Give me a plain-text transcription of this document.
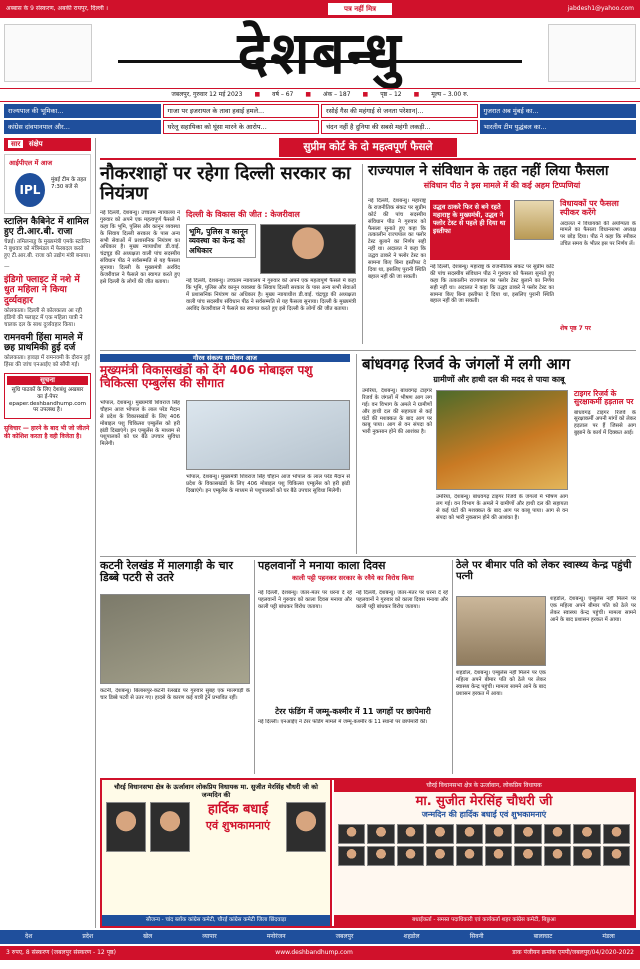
अब्बास के 9 संस्करण, अबकी रायपुर, दिल्ली ।	पत्र नहीं मित्र	jabdesh1@yahoo.com
देशबन्धु
जबलपुर, गुरुवार 12 मई 2023 ■ वर्ष – 67 ■ अंक – 187 ■ पृष्ठ – 12 ■ मूल्य – 3.00 रु.
राज्यपाल की भूमिका...
कांग्रेस दांवपानपाल और...
गाजा पर इजरायल के तावा हवाई हमले...
घरेलू सहायिका को घूंसा मारने के आरोप...
रसोई गैस की महंगाई से जनता परेशान|...
चंदन नहीं है दुनिया की सबसे महंगी लकड़ी...
गुजरात अब मुंबई का...
भारतीय टीम युद्धंबल का...
सार संक्षेप
आईपीएल में आज
IPL
मुंबई टीम के तहत 7:30 बजे से
स्टालिन कैबिनेट में शामिल हुए टी.आर.बी. राजा
चेन्नई। तमिलनाडु के मुख्यमंत्री एमके स्टालिन ने बुधवार को मंत्रिमंडल में फेरबदल करते हुए टी.आर.बी. राजा को उद्योग मंत्री बनाया।
—
इंडिगो फ्लाइट में नशे में धुत महिला ने किया दुर्व्यवहार
कोलकाता। दिल्ली से कोलकाता आ रही इंडिगो की फ्लाइट में एक महिला यात्री ने चालक दल के साथ दुर्व्यवहार किया।
रामनवमी हिंसा मामले में छह प्राथमिकी हुई दर्ज
कोलकाता। हावड़ा में रामनवमी के दौरान हुई हिंसा की जांच एनआईए को सौंपी गई।
सूचना
सुधि पाठकों के लिए देशबंधु अखबार का ई-पेपर epaper.deshbandhump.com पर उपलब्ध है।
सुविचार — हारने के बाद भी जो जीतने की कोशिश करता है वही विजेता है।
सुप्रीम कोर्ट के दो महत्वपूर्ण फैसले
नौकरशाहों पर रहेगा दिल्ली सरकार का नियंत्रण
नई दिल्ली, देशबन्धु। उच्चतम न्यायालय ने गुरुवार को अपने एक महत्वपूर्ण फैसले में कहा कि भूमि, पुलिस और कानून व्यवस्था के सिवाय दिल्ली सरकार के पास अन्य सभी सेवाओं में प्रशासनिक नियंत्रण का अधिकार है। मुख्य न्यायाधीश डी.वाई. चंद्रचूड़ की अध्यक्षता वाली पांच सदस्यीय संविधान पीठ ने सर्वसम्मति से यह फैसला सुनाया। दिल्ली के मुख्यमंत्री अरविंद केजरीवाल ने फैसले का स्वागत करते हुए इसे दिल्ली के लोगों की जीत बताया।
दिल्ली के विकास की जीत : केजरीवाल
भूमि, पुलिस व कानून व्यवस्था का केन्द्र को अधिकार
नई दिल्ली, देशबन्धु। उच्चतम न्यायालय ने गुरुवार को अपने एक महत्वपूर्ण फैसले में कहा कि भूमि, पुलिस और कानून व्यवस्था के सिवाय दिल्ली सरकार के पास अन्य सभी सेवाओं में प्रशासनिक नियंत्रण का अधिकार है। मुख्य न्यायाधीश डी.वाई. चंद्रचूड़ की अध्यक्षता वाली पांच सदस्यीय संविधान पीठ ने सर्वसम्मति से यह फैसला सुनाया। दिल्ली के मुख्यमंत्री अरविंद केजरीवाल ने फैसले का स्वागत करते हुए इसे दिल्ली के लोगों की जीत बताया।
राज्यपाल ने संविधान के तहत नहीं लिया फैसला
संविधान पीठ ने इस मामले में की कई अहम टिप्पणियां
नई दिल्ली, देशबन्धु। महाराष्ट्र के राजनीतिक संकट पर सुप्रीम कोर्ट की पांच सदस्यीय संविधान पीठ ने गुरुवार को फैसला सुनाते हुए कहा कि तत्कालीन राज्यपाल का फ्लोर टेस्ट बुलाने का निर्णय सही नहीं था। अदालत ने कहा कि उद्धव ठाकरे ने फ्लोर टेस्ट का सामना किए बिना इस्तीफा दे दिया था, इसलिए पुरानी स्थिति बहाल नहीं की जा सकती।
उद्धव ठाकरे फिर से बने रहते महाराष्ट्र के मुख्यमंत्री, उद्धव ने फ्लोर टेस्ट से पहले ही दिया था इस्तीफा
नई दिल्ली, देशबन्धु। महाराष्ट्र के राजनीतिक संकट पर सुप्रीम कोर्ट की पांच सदस्यीय संविधान पीठ ने गुरुवार को फैसला सुनाते हुए कहा कि तत्कालीन राज्यपाल का फ्लोर टेस्ट बुलाने का निर्णय सही नहीं था। अदालत ने कहा कि उद्धव ठाकरे ने फ्लोर टेस्ट का सामना किए बिना इस्तीफा दे दिया था, इसलिए पुरानी स्थिति बहाल नहीं की जा सकती।
विधायकों पर फैसला स्पीकर करेंगे
अदालत ने विधायकों की अयोग्यता के मामले का फैसला विधानसभा अध्यक्ष पर छोड़ दिया। पीठ ने कहा कि स्पीकर उचित समय के भीतर इस पर निर्णय लें।
शेष पृष्ठ 7 पर
गौरव संकल्प सम्मेलन आज
मुख्यमंत्री विकासखंडों को देंगे 406 मोबाइल पशु चिकित्सा एम्बुलेंस की सौगात
भोपाल, देशबन्धु। मुख्यमंत्री शिवराज सिंह चौहान आज भोपाल के लाल परेड मैदान से प्रदेश के विकासखंडों के लिए 406 मोबाइल पशु चिकित्सा एम्बुलेंस को हरी झंडी दिखाएंगे। इन एम्बुलेंस के माध्यम से पशुपालकों को घर बैठे उपचार सुविधा मिलेगी।
भोपाल, देशबन्धु। मुख्यमंत्री शिवराज सिंह चौहान आज भोपाल के लाल परेड मैदान से प्रदेश के विकासखंडों के लिए 406 मोबाइल पशु चिकित्सा एम्बुलेंस को हरी झंडी दिखाएंगे। इन एम्बुलेंस के माध्यम से पशुपालकों को घर बैठे उपचार सुविधा मिलेगी।
बांधवगढ़ रिजर्व के जंगलों में लगी आग
ग्रामीणों और हाथी दल की मदद से पाया काबू
उमरिया, देशबन्धु। बांधवगढ़ टाइगर रिजर्व के जंगलों में भीषण आग लग गई। वन विभाग के अमले ने ग्रामीणों और हाथी दल की सहायता से कई घंटों की मशक्कत के बाद आग पर काबू पाया। आग से वन संपदा को भारी नुकसान होने की आशंका है।
उमरिया, देशबन्धु। बांधवगढ़ टाइगर रिजर्व के जंगलों में भीषण आग लग गई। वन विभाग के अमले ने ग्रामीणों और हाथी दल की सहायता से कई घंटों की मशक्कत के बाद आग पर काबू पाया। आग से वन संपदा को भारी नुकसान होने की आशंका है।
टाइगर रिजर्व के सुरक्षाकर्मी हड़ताल पर
बांधवगढ़ टाइगर रिजर्व के सुरक्षाकर्मी अपनी मांगों को लेकर हड़ताल पर हैं जिससे आग बुझाने के कार्य में दिक्कत आई।
कटनी रेलखंड में मालगाड़ी के चार डिब्बे पटरी से उतरे
कटनी, देशबन्धु। बिलासपुर-कटनी रेलखंड पर गुरुवार सुबह एक मालगाड़ी के चार डिब्बे पटरी से उतर गए। हादसे के कारण कई यात्री ट्रेनें प्रभावित रहीं।
पहलवानों ने मनाया काला दिवस
काली पट्टी पहनकर सरकार के रवैये का विरोध किया
नई दिल्ली, देशबन्धु। जंतर-मंतर पर धरना दे रहे पहलवानों ने गुरुवार को काला दिवस मनाया और काली पट्टी बांधकर विरोध जताया।
नई दिल्ली, देशबन्धु। जंतर-मंतर पर धरना दे रहे पहलवानों ने गुरुवार को काला दिवस मनाया और काली पट्टी बांधकर विरोध जताया।
टेरर फंडिंग में जम्मू-कश्मीर में 11 जगहों पर छापेमारी
नई दिल्ली। एनआईए ने टेरर फंडिंग मामले में जम्मू-कश्मीर के 11 स्थानों पर छापेमारी की।
ठेले पर बीमार पति को लेकर स्वास्थ्य केन्द्र पहुंची पत्नी
शहडोल, देशबन्धु। एम्बुलेंस नहीं मिलने पर एक महिला अपने बीमार पति को ठेले पर लेकर स्वास्थ्य केन्द्र पहुंची। मामला सामने आने के बाद प्रशासन हरकत में आया।
शहडोल, देशबन्धु। एम्बुलेंस नहीं मिलने पर एक महिला अपने बीमार पति को ठेले पर लेकर स्वास्थ्य केन्द्र पहुंची। मामला सामने आने के बाद प्रशासन हरकत में आया।
चौरई विधानसभा क्षेत्र के ऊर्जावान लोकप्रिय विधायक मा. सुजीत मेरसिंह चौधरी जी को जन्मदिन की
हार्दिक बधाई
एवं शुभकामनाएं
सौजन्य - चांद ब्लॉक कांग्रेस कमेटी, चौरई कांग्रेस कमेटी जिला छिंदवाड़ा
चौरई विधानसभा क्षेत्र के ऊर्जावान, लोकप्रिय विधायक
मा. सुजीत मेरसिंह चौधरी जी
जन्मदिन की हार्दिक बधाई एवं शुभकामनाएं
बधाईकर्ता - समस्त पदाधिकारी एवं कार्यकर्ता शहर कांग्रेस कमेटी, बिछुआ
देश	प्रदेश	खेल	व्यापार	मनोरंजन	जबलपुर	शहडोल	सिवनी	बालाघाट	मंडला
3 रुपए, 8 संस्करण (जबलपुर संस्करण - 12 पृष्ठ)	www.deshbandhump.com	डाक पंजीयन क्रमांक एमपी/जबलपुर/04/2020-2022
